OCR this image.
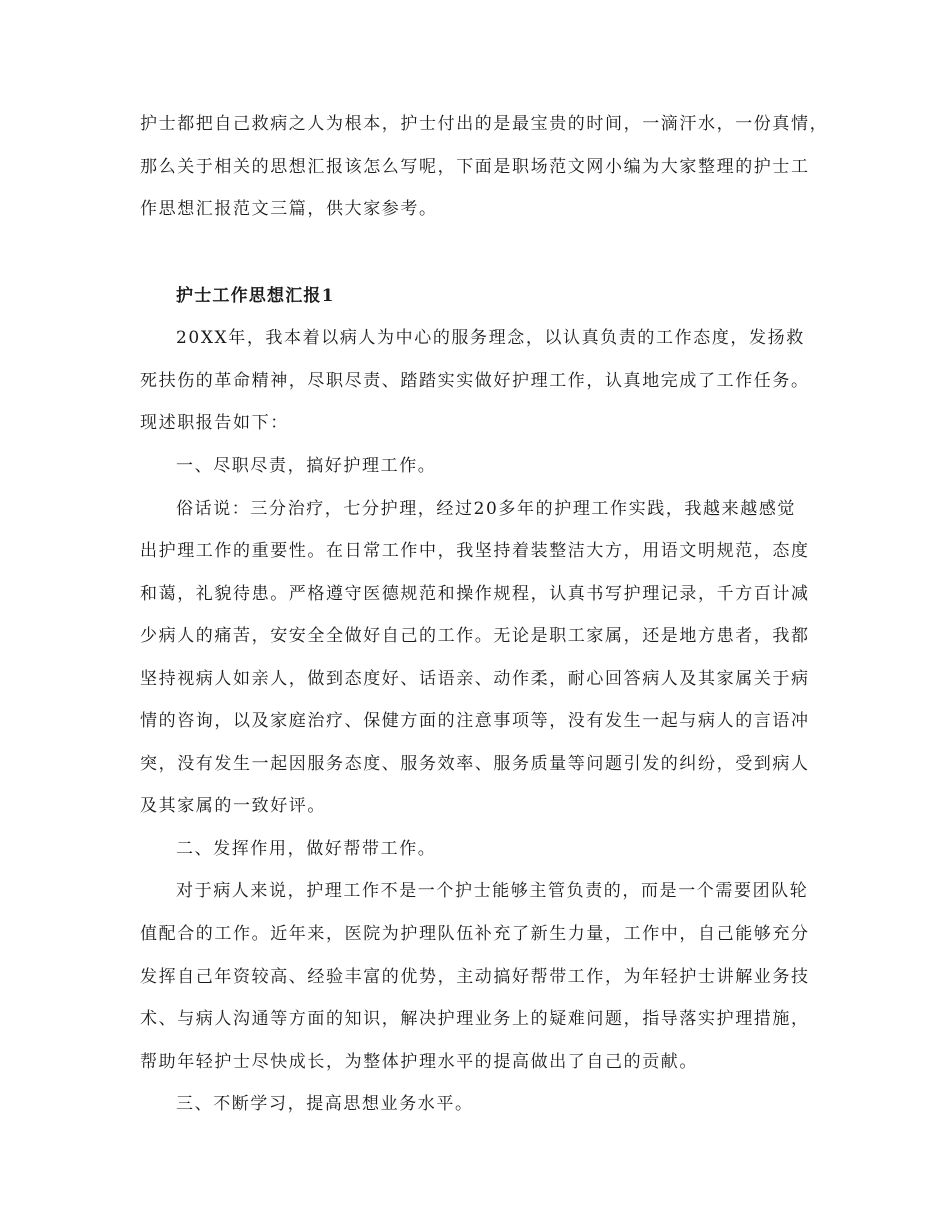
护士都把自己救病之人为根本，护士付出的是最宝贵的时间，一滴汗水，一份真情，
那么关于相关的思想汇报该怎么写呢，下面是职场范文网小编为大家整理的护士工
作思想汇报范文三篇，供大家参考。
护士工作思想汇报1
20XX年，我本着以病人为中心的服务理念，以认真负责的工作态度，发扬救
死扶伤的革命精神，尽职尽责、踏踏实实做好护理工作，认真地完成了工作任务。
现述职报告如下：
一、尽职尽责，搞好护理工作。
俗话说：三分治疗，七分护理，经过20多年的护理工作实践，我越来越感觉
出护理工作的重要性。在日常工作中，我坚持着装整洁大方，用语文明规范，态度
和蔼，礼貌待患。严格遵守医德规范和操作规程，认真书写护理记录，千方百计减
少病人的痛苦，安安全全做好自己的工作。无论是职工家属，还是地方患者，我都
坚持视病人如亲人，做到态度好、话语亲、动作柔，耐心回答病人及其家属关于病
情的咨询，以及家庭治疗、保健方面的注意事项等，没有发生一起与病人的言语冲
突，没有发生一起因服务态度、服务效率、服务质量等问题引发的纠纷，受到病人
及其家属的一致好评。
二、发挥作用，做好帮带工作。
对于病人来说，护理工作不是一个护士能够主管负责的，而是一个需要团队轮
值配合的工作。近年来，医院为护理队伍补充了新生力量，工作中，自己能够充分
发挥自己年资较高、经验丰富的优势，主动搞好帮带工作，为年轻护士讲解业务技
术、与病人沟通等方面的知识，解决护理业务上的疑难问题，指导落实护理措施，
帮助年轻护士尽快成长，为整体护理水平的提高做出了自己的贡献。
三、不断学习，提高思想业务水平。
